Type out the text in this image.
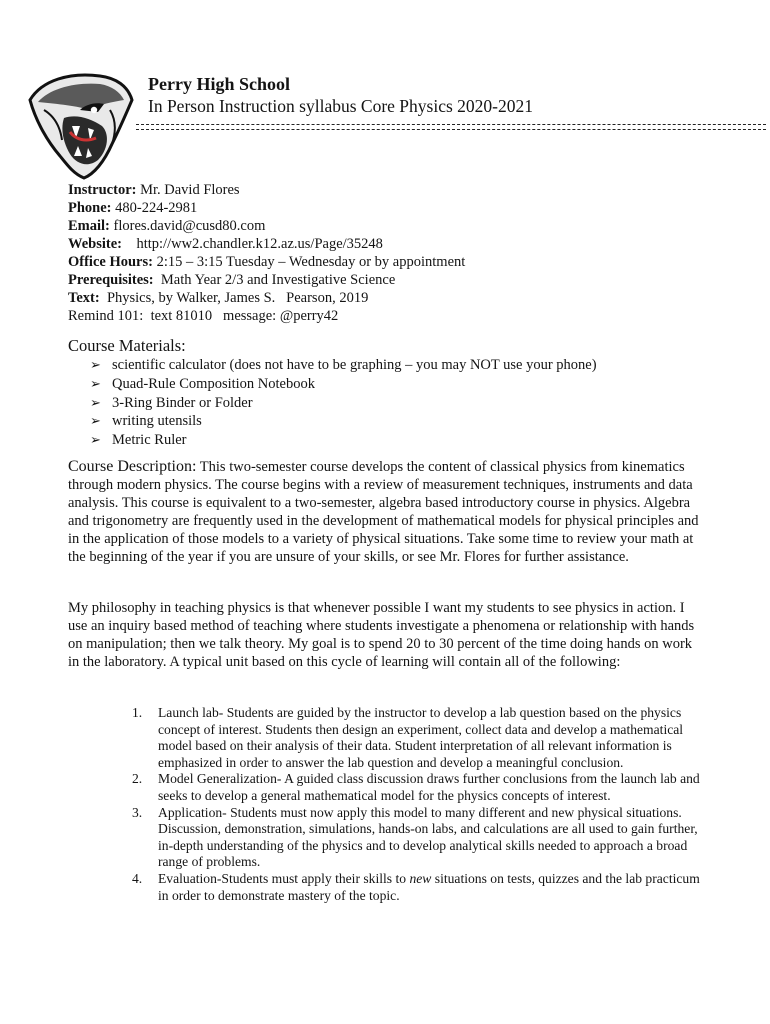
Perry High School
In Person Instruction syllabus Core Physics 2020-2021
Instructor: Mr. David Flores
Phone: 480-224-2981
Email: flores.david@cusd80.com
Website:    http://ww2.chandler.k12.az.us/Page/35248
Office Hours: 2:15 – 3:15 Tuesday – Wednesday or by appointment
Prerequisites:  Math Year 2/3 and Investigative Science
Text:  Physics, by Walker, James S.   Pearson, 2019
Remind 101:  text 81010   message: @perry42
Course Materials:
➢ scientific calculator (does not have to be graphing – you may NOT use your phone)
➢ Quad-Rule Composition Notebook
➢ 3-Ring Binder or Folder
➢ writing utensils
➢ Metric Ruler

Course Description: This two-semester course develops the content of classical physics from kinematics through modern physics. The course begins with a review of measurement techniques, instruments and data analysis. This course is equivalent to a two-semester, algebra based introductory course in physics. Algebra and trigonometry are frequently used in the development of mathematical models for physical principles and in the application of those models to a variety of physical situations. Take some time to review your math at the beginning of the year if you are unsure of your skills, or see Mr. Flores for further assistance.

My philosophy in teaching physics is that whenever possible I want my students to see physics in action. I use an inquiry based method of teaching where students investigate a phenomena or relationship with hands on manipulation; then we talk theory. My goal is to spend 20 to 30 percent of the time doing hands on work in the laboratory. A typical unit based on this cycle of learning will contain all of the following:

1. Launch lab- Students are guided by the instructor to develop a lab question based on the physics concept of interest. Students then design an experiment, collect data and develop a mathematical model based on their analysis of their data. Student interpretation of all relevant information is emphasized in order to answer the lab question and develop a meaningful conclusion.
2. Model Generalization- A guided class discussion draws further conclusions from the launch lab and seeks to develop a general mathematical model for the physics concepts of interest.
3. Application- Students must now apply this model to many different and new physical situations. Discussion, demonstration, simulations, hands-on labs, and calculations are all used to gain further, in-depth understanding of the physics and to develop analytical skills needed to approach a broad range of problems.
4. Evaluation-Students must apply their skills to new situations on tests, quizzes and the lab practicum in order to demonstrate mastery of the topic.
